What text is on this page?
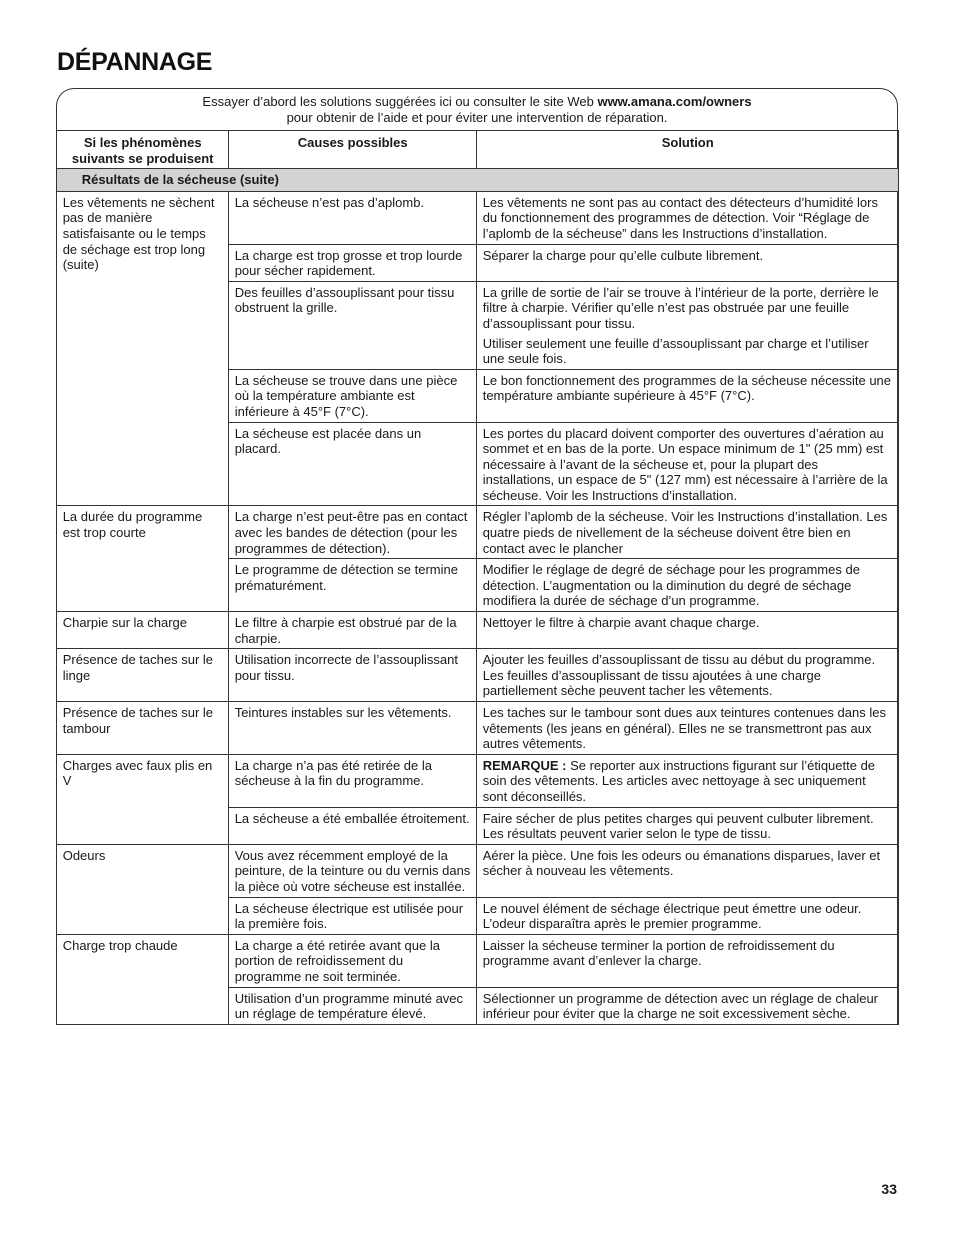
DÉPANNAGE
Essayer d’abord les solutions suggérées ici ou consulter le site Web www.amana.com/owners
pour obtenir de l’aide et pour éviter une intervention de réparation.
Si les phénomènes suivants se produisent	Causes possibles	Solution
Résultats de la sécheuse (suite)		
Les vêtements ne sèchent pas de manière satisfaisante ou le temps de séchage est trop long (suite)	La sécheuse n’est pas d’aplomb.	Les vêtements ne sont pas au contact des détecteurs d’humidité lors du fonctionnement des programmes de détection. Voir “Réglage de l’aplomb de la sécheuse” dans les Instructions d’installation.

	La charge est trop grosse et trop lourde pour sécher rapidement.	Séparer la charge pour qu’elle culbute librement.

	Des feuilles d’assouplissant pour tissu obstruent la grille.	La grille de sortie de l’air se trouve à l’intérieur de la porte, derrière le filtre à charpie. Vérifier qu’elle n’est pas obstruée par une feuille d’assouplissant pour tissu.

Utiliser seulement une feuille d’assouplissant par charge et l’utiliser une seule fois.

	La sécheuse se trouve dans une pièce où la température ambiante est inférieure à 45°F (7°C).	Le bon fonctionnement des programmes de la sécheuse nécessite une température ambiante supérieure à 45°F (7°C).

	La sécheuse est placée dans un placard.	Les portes du placard doivent comporter des ouvertures d’aération au sommet et en bas de la porte. Un espace minimum de 1" (25 mm) est nécessaire à l’avant de la sécheuse et, pour la plupart des installations, un espace de 5" (127 mm) est nécessaire à l’arrière de la sécheuse. Voir les Instructions d’installation.

La durée du programme est trop courte	La charge n’est peut-être pas en contact avec les bandes de détection (pour les programmes de détection).	Régler l’aplomb de la sécheuse. Voir les Instructions d’installation. Les quatre pieds de nivellement de la sécheuse doivent être bien en contact avec le plancher

	Le programme de détection se termine prématurément.	Modifier le réglage de degré de séchage pour les programmes de détection. L’augmentation ou la diminution du degré de séchage modifiera la durée de séchage d’un programme.

Charpie sur la charge	Le filtre à charpie est obstrué par de la charpie.	Nettoyer le filtre à charpie avant chaque charge.

Présence de taches sur le linge	Utilisation incorrecte de l’assouplissant pour tissu.	Ajouter les feuilles d’assouplissant de tissu au début du programme. Les feuilles d’assouplissant de tissu ajoutées à une charge partiellement sèche peuvent tacher les vêtements.

Présence de taches sur le tambour	Teintures instables sur les vêtements.	Les taches sur le tambour sont dues aux teintures contenues dans les vêtements (les jeans en général). Elles ne se transmettront pas aux autres vêtements.

Charges avec faux plis en V	La charge n’a pas été retirée de la sécheuse à la fin du programme.	REMARQUE : Se reporter aux instructions figurant sur l’étiquette de soin des vêtements. Les articles avec nettoyage à sec uniquement sont déconseillés.

	La sécheuse a été emballée étroitement.	Faire sécher de plus petites charges qui peuvent culbuter librement. Les résultats peuvent varier selon le type de tissu.

Odeurs	Vous avez récemment employé de la peinture, de la teinture ou du vernis dans la pièce où votre sécheuse est installée.	Aérer la pièce. Une fois les odeurs ou émanations disparues, laver et sécher à nouveau les vêtements.

	La sécheuse électrique est utilisée pour la première fois.	Le nouvel élément de séchage électrique peut émettre une odeur. L’odeur disparaîtra après le premier programme.

Charge trop chaude	La charge a été retirée avant que la portion de refroidissement du programme ne soit terminée.	Laisser la sécheuse terminer la portion de refroidissement du programme avant d’enlever la charge.

	Utilisation d’un programme minuté avec un réglage de température élevé.	Sélectionner un programme de détection avec un réglage de chaleur inférieur pour éviter que la charge ne soit excessivement sèche.

33
